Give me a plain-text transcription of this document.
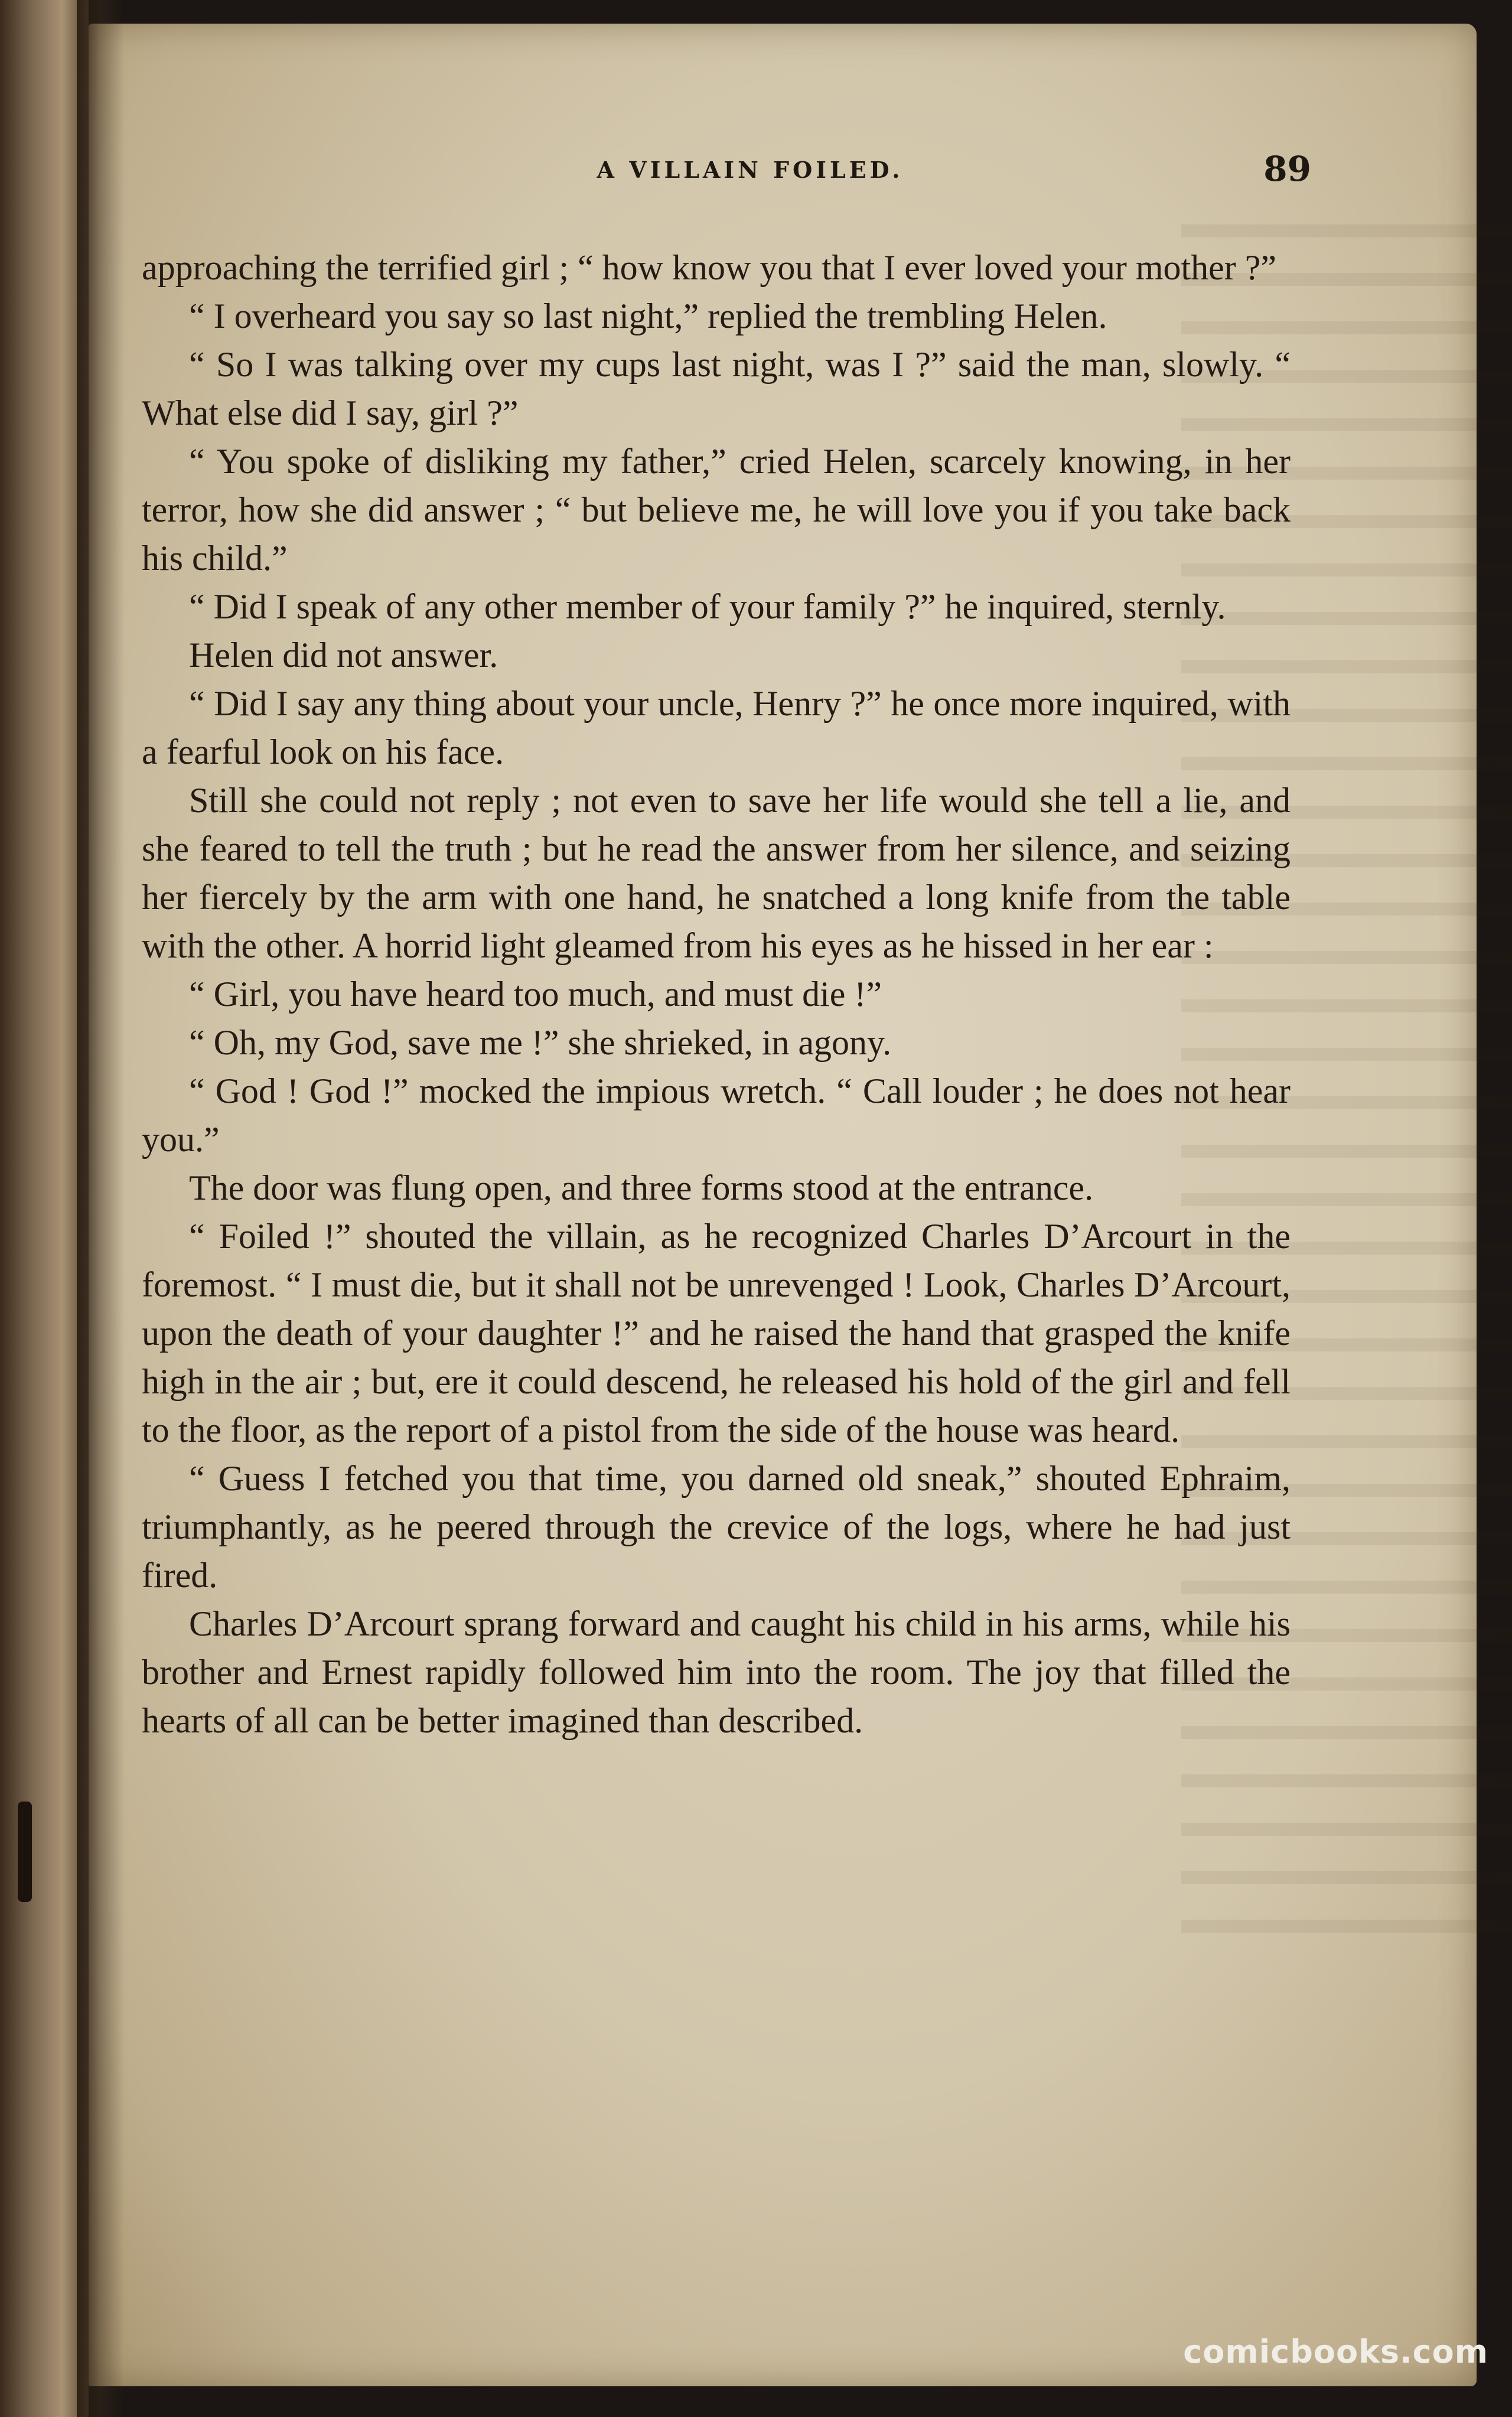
A VILLAIN FOILED.	89

approaching the terrified girl ; “ how know you that I ever loved your mother ?”

“ I overheard you say so last night,” replied the trembling Helen.

“ So I was talking over my cups last night, was I ?” said the man, slowly. “ What else did I say, girl ?”

“ You spoke of disliking my father,” cried Helen, scarcely knowing, in her terror, how she did answer ; “ but believe me, he will love you if you take back his child.”

“ Did I speak of any other member of your family ?” he inquired, sternly.

Helen did not answer.

“ Did I say any thing about your uncle, Henry ?” he once more inquired, with a fearful look on his face.

Still she could not reply ; not even to save her life would she tell a lie, and she feared to tell the truth ; but he read the answer from her silence, and seizing her fiercely by the arm with one hand, he snatched a long knife from the table with the other. A horrid light gleamed from his eyes as he hissed in her ear :

“ Girl, you have heard too much, and must die !”

“ Oh, my God, save me !” she shrieked, in agony.

“ God ! God !” mocked the impious wretch. “ Call louder ; he does not hear you.”

The door was flung open, and three forms stood at the entrance.

“ Foiled !” shouted the villain, as he recognized Charles D’Arcourt in the foremost. “ I must die, but it shall not be unrevenged ! Look, Charles D’Arcourt, upon the death of your daughter !” and he raised the hand that grasped the knife high in the air ; but, ere it could descend, he released his hold of the girl and fell to the floor, as the report of a pistol from the side of the house was heard.

“ Guess I fetched you that time, you darned old sneak,” shouted Ephraim, triumphantly, as he peered through the crevice of the logs, where he had just fired.

Charles D’Arcourt sprang forward and caught his child in his arms, while his brother and Ernest rapidly followed him into the room. The joy that filled the hearts of all can be better imagined than described.

comicbooks.com
